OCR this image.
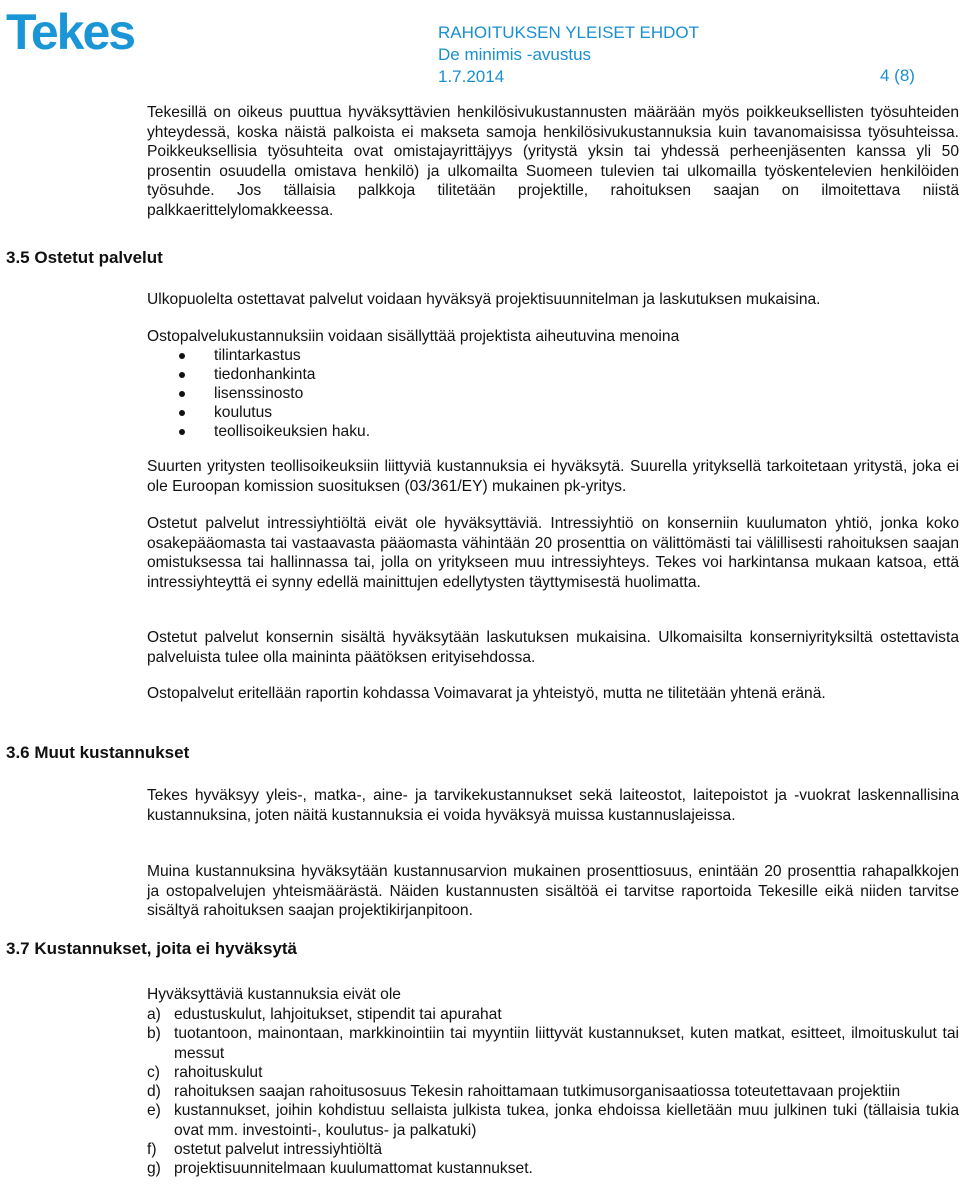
Tekes	RAHOITUKSEN YLEISET EHDOT
De minimis -avustus
1.7.2014	4 (8)

Tekesillä on oikeus puuttua hyväksyttävien henkilösivukustannusten määrään myös poikkeuksellisten työsuhteiden yhteydessä, koska näistä palkoista ei makseta samoja henkilösivukustannuksia kuin tavanomaisissa työsuhteissa. Poikkeuksellisia työsuhteita ovat omistajayrittäjyys (yritystä yksin tai yhdessä perheenjäsenten kanssa yli 50 prosentin osuudella omistava henkilö) ja ulkomailta Suomeen tulevien tai ulkomailla työskentelevien henkilöiden työsuhde. Jos tällaisia palkkoja tilitetään projektille, rahoituksen saajan on ilmoitettava niistä palkkaerittelylomakkeessa.

3.5 Ostetut palvelut

Ulkopuolelta ostettavat palvelut voidaan hyväksyä projektisuunnitelman ja laskutuksen mukaisina.

Ostopalvelukustannuksiin voidaan sisällyttää projektista aiheutuvina menoina

tilintarkastus
tiedonhankinta
lisenssinosto
koulutus
teollisoikeuksien haku.

Suurten yritysten teollisoikeuksiin liittyviä kustannuksia ei hyväksytä. Suurella yrityksellä tarkoitetaan yritystä, joka ei ole Euroopan komission suosituksen (03/361/EY) mukainen pk-yritys.

Ostetut palvelut intressiyhtiöltä eivät ole hyväksyttäviä. Intressiyhtiö on konserniin kuulumaton yhtiö, jonka koko osakepääomasta tai vastaavasta pääomasta vähintään 20 prosenttia on välittömästi tai välillisesti rahoituksen saajan omistuksessa tai hallinnassa tai, jolla on yritykseen muu intressiyhteys. Tekes voi harkintansa mukaan katsoa, että intressiyhteyttä ei synny edellä mainittujen edellytysten täyttymisestä huolimatta.

Ostetut palvelut konsernin sisältä hyväksytään laskutuksen mukaisina. Ulkomaisilta konserniyrityksiltä ostettavista palveluista tulee olla maininta päätöksen erityisehdossa.

Ostopalvelut eritellään raportin kohdassa Voimavarat ja yhteistyö, mutta ne tilitetään yhtenä eränä.

3.6 Muut kustannukset

Tekes hyväksyy yleis-, matka-, aine- ja tarvikekustannukset sekä laiteostot, laitepoistot ja -vuokrat laskennallisina kustannuksina, joten näitä kustannuksia ei voida hyväksyä muissa kustannuslajeissa.

Muina kustannuksina hyväksytään kustannusarvion mukainen prosenttiosuus, enintään 20 prosenttia rahapalkkojen ja ostopalvelujen yhteismäärästä. Näiden kustannusten sisältöä ei tarvitse raportoida Tekesille eikä niiden tarvitse sisältyä rahoituksen saajan projektikirjanpitoon.

3.7 Kustannukset, joita ei hyväksytä

Hyväksyttäviä kustannuksia eivät ole

a) edustuskulut, lahjoitukset, stipendit tai apurahat
b) tuotantoon, mainontaan, markkinointiin tai myyntiin liittyvät kustannukset, kuten matkat, esitteet, ilmoituskulut tai messut
c) rahoituskulut
d) rahoituksen saajan rahoitusosuus Tekesin rahoittamaan tutkimusorganisaatiossa toteutettavaan projektiin
e) kustannukset, joihin kohdistuu sellaista julkista tukea, jonka ehdoissa kielletään muu julkinen tuki (tällaisia tukia ovat mm. investointi-, koulutus- ja palkatuki)
f) ostetut palvelut intressiyhtiöltä
g) projektisuunnitelmaan kuulumattomat kustannukset.
